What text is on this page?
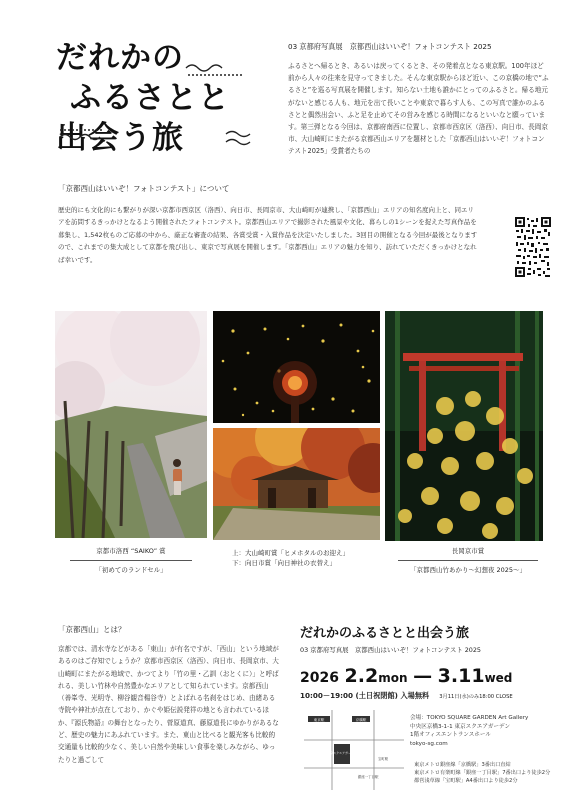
だれかの
ふるさとと
出会う旅
03 京都府写真展　京都西山はいいぞ！フォトコンテスト 2025
ふるさとへ帰るとき、あるいは戻ってくるとき、その発着点となる東京駅。100年ほど前から人々の往来を見守ってきました。そんな東京駅からほど近い、この京橋の地で“ふるさと”を巡る写真展を開催します。知らない土地も誰かにとってのふるさと。帰る地元がないと感じる人も、地元を出て長いことや東京で暮らす人も、この写真で誰かのふるさとと偶然出会い、ふと足を止めてその営みを感じる時間になるといいなと願っています。第三弾となる今回は、京都府南西に位置し、京都市西京区（洛西）、向日市、長岡京市、大山崎町にまたがる京都西山エリアを題材とした「京都西山はいいぞ！フォトコンテスト2025」受賞者たちの
「京都西山はいいぞ！フォトコンテスト」について
歴史的にも文化的にも繋がりが深い京都市西京区（洛西）、向日市、長岡京市、大山崎町が連携し、「京都西山」エリアの知名度向上と、同エリアを訪問するきっかけとなるよう開催されたフォトコンテスト。京都西山エリアで撮影された風景や文化、暮らしの1シーンを捉えた写真作品を募集し、1,542枚ものご応募の中から、厳正な審査の結果、各賞受賞・入賞作品を決定いたしました。3回目の開催となる今回が最後となりますので、これまでの集大成として京都を飛び出し、東京で写真展を開催します。「京都西山」エリアの魅力を知り、訪れていただくきっかけとなれば幸いです。
京都市洛西 “SAIKO” 賞
「初めてのランドセル」
上：大山崎町賞「ヒメホタルのお迎え」
下：向日市賞「向日神社の衣替え」
長岡京市賞
「京都西山竹あかり～幻想夜 2025～」
「京都西山」とは？
京都では、清水寺などがある「東山」が有名ですが、「西山」という地域があるのはご存知でしょうか？京都市西京区（洛西）、向日市、長岡京市、大山崎町にまたがる地域で、かつてより「竹の里・乙訓（おとくに）」と呼ばれる、美しい竹林や自然豊かなエリアとして知られています。京都西山（善峯寺、光明寺、柳谷観音楊谷寺）とよばれる名刹をはじめ、由緒ある寺院や神社が点在しており、かぐや姫伝説発祥の地とも言われているほか、『源氏物語』の舞台となったり、菅原道真、藤原道長にゆかりがあるなど、歴史の魅力にあふれています。また、東山と比べると観光客も比較的交通量も比較的少なく、美しい自然や美味しい食事を楽しみながら、ゆったりと過ごして
だれかのふるさとと出会う旅
03 京都府写真展　京都西山はいいぞ！フォトコンテスト 2025
2026 2.2mon — 3.11wed
10:00－19:00 (土日祝閉館) 入場無料 3月11日(水)のみ18:00 CLOSE
東京駅	京橋駅
東京スクエアガーデン
宝町駅
銀座一丁目駅
会場：TOKYO SQUARE GARDEN Art Gallery
中央区京橋3-1-1 東京スクエアガーデン
1階オフィスエントランスホール
tokyo-sg.com
東京メトロ銀座線「京橋駅」3番出口直結
東京メトロ有楽町線「銀座一丁目駅」7番出口より徒歩2分
都営浅草線「宝町駅」A4番出口より徒歩2分
